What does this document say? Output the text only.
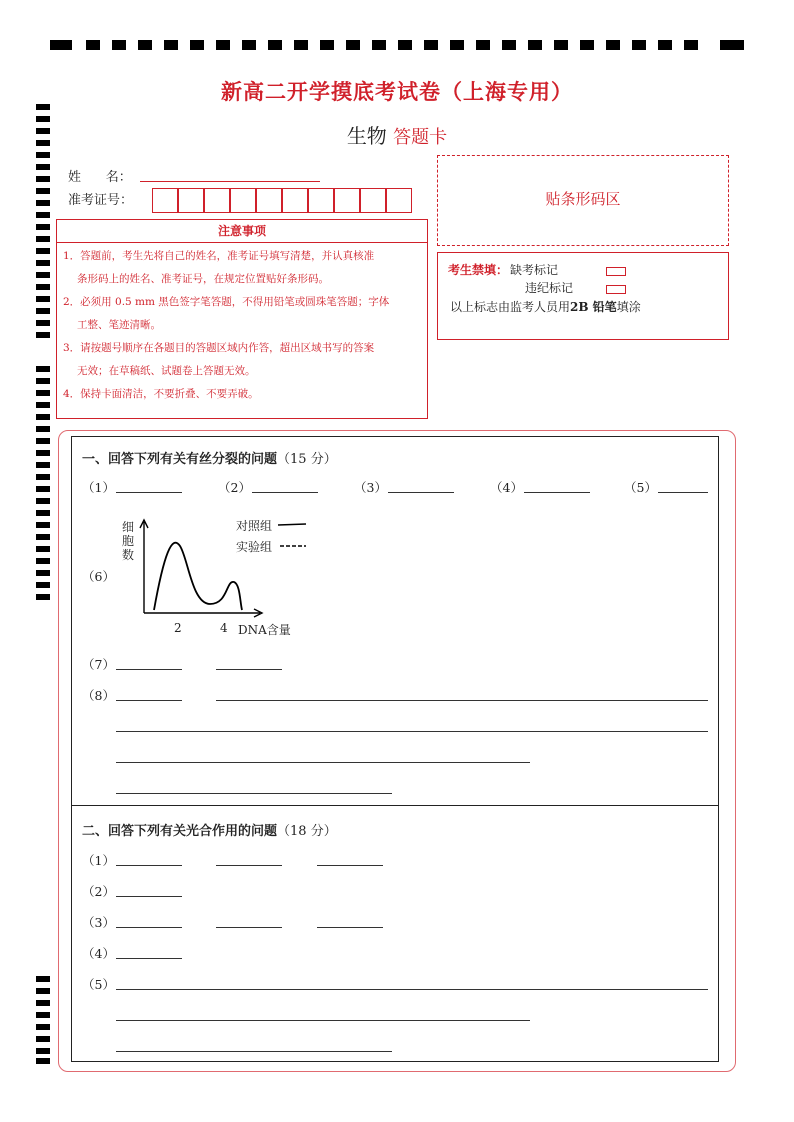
新高二开学摸底考试卷（上海专用）
生物 答题卡
姓      名：
准考证号：
注意事项
1．答题前，考生先将自己的姓名，准考证号填写清楚，并认真核准
条形码上的姓名、准考证号，在规定位置贴好条形码。
2．必须用 0.5 mm 黑色签字笔答题，不得用铅笔或圆珠笔答题；字体
工整、笔迹清晰。
3．请按题号顺序在各题目的答题区域内作答，超出区域书写的答案
无效；在草稿纸、试题卷上答题无效。
4．保持卡面清洁，不要折叠、不要弄破。
贴条形码区
考生禁填： 缺考标记
违纪标记
以上标志由监考人员用2B 铅笔填涂
一、回答下列有关有丝分裂的问题（15 分）
（1）	（2）	（3）	（4）	（5）
（6）
细
胞
数
对照组
实验组
2	4 DNA含量
（7）
（8）
二、回答下列有关光合作用的问题（18 分）
（1）
（2）
（3）
（4）
（5）
